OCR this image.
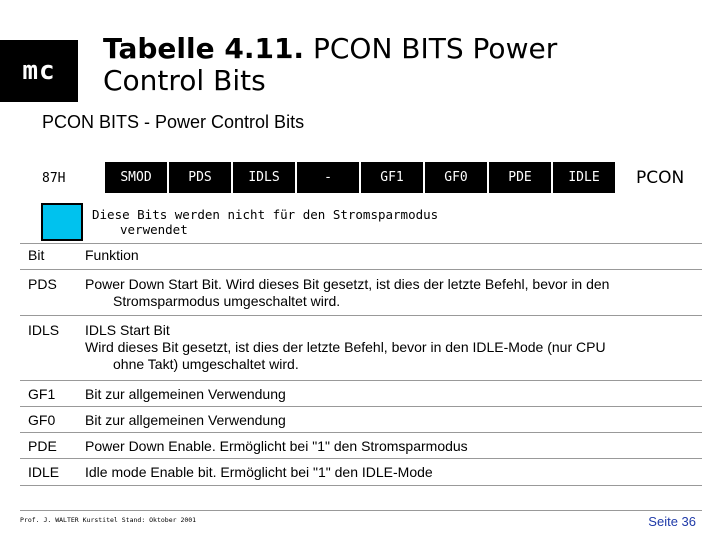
mc
Tabelle 4.11. PCON BITS Power Control Bits
PCON BITS - Power Control Bits
87H	SMOD	PDS	IDLS	-	GF1	GF0	PDE	IDLE	PCON
Diese Bits werden nicht für den Stromsparmodus
verwendet
Bit	Funktion
PDS	Power Down Start Bit. Wird dieses Bit gesetzt, ist dies der letzte Befehl, bevor in den
Stromsparmodus umgeschaltet wird.
IDLS	IDLS Start Bit
Wird dieses Bit gesetzt, ist dies der letzte Befehl, bevor in den IDLE-Mode (nur CPU
ohne Takt) umgeschaltet wird.
GF1	Bit zur allgemeinen Verwendung
GF0	Bit zur allgemeinen Verwendung
PDE	Power Down Enable. Ermöglicht bei "1" den Stromsparmodus
IDLE	Idle mode Enable bit. Ermöglicht bei "1" den IDLE-Mode
Prof. J. WALTER Kurstitel Stand: Oktober 2001	Seite 36
